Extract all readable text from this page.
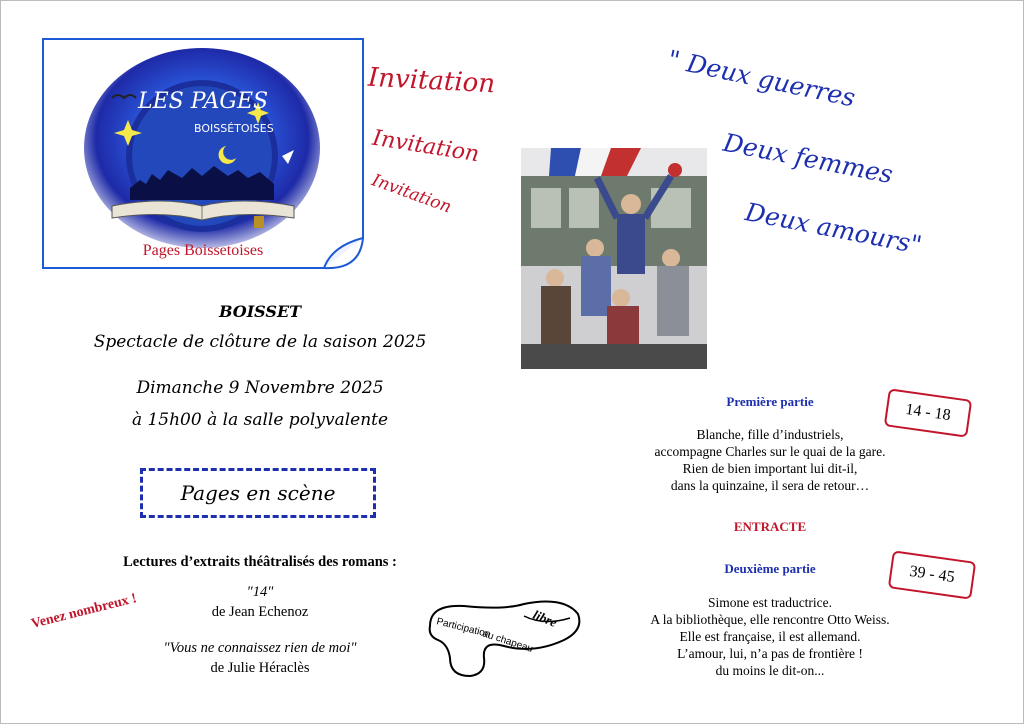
LES PAGES
BOISSÉTOISES
Pages Boissetoises
Invitation
Invitation
Invitation
" Deux guerres
Deux femmes
Deux amours"
BOISSET
Spectacle de clôture de la saison 2025
Dimanche 9 Novembre 2025
à 15h00 à la salle polyvalente
Pages en scène
Lectures d’extraits théâtralisés des romans :
"14"
de Jean Echenoz
"Vous ne connaissez rien de moi"
de Julie Héraclès
Venez nombreux !	Participation	libre
au chapeau
Première partie	14 - 18
Blanche, fille d’industriels,
accompagne Charles sur le quai de la gare.
Rien de bien important lui dit-il,
dans la quinzaine, il sera de retour…
ENTRACTE
Deuxième partie	39 - 45
Simone est traductrice.
A la bibliothèque, elle rencontre Otto Weiss.
Elle est française, il est allemand.
L’amour, lui, n’a pas de frontière !
du moins le dit-on...
